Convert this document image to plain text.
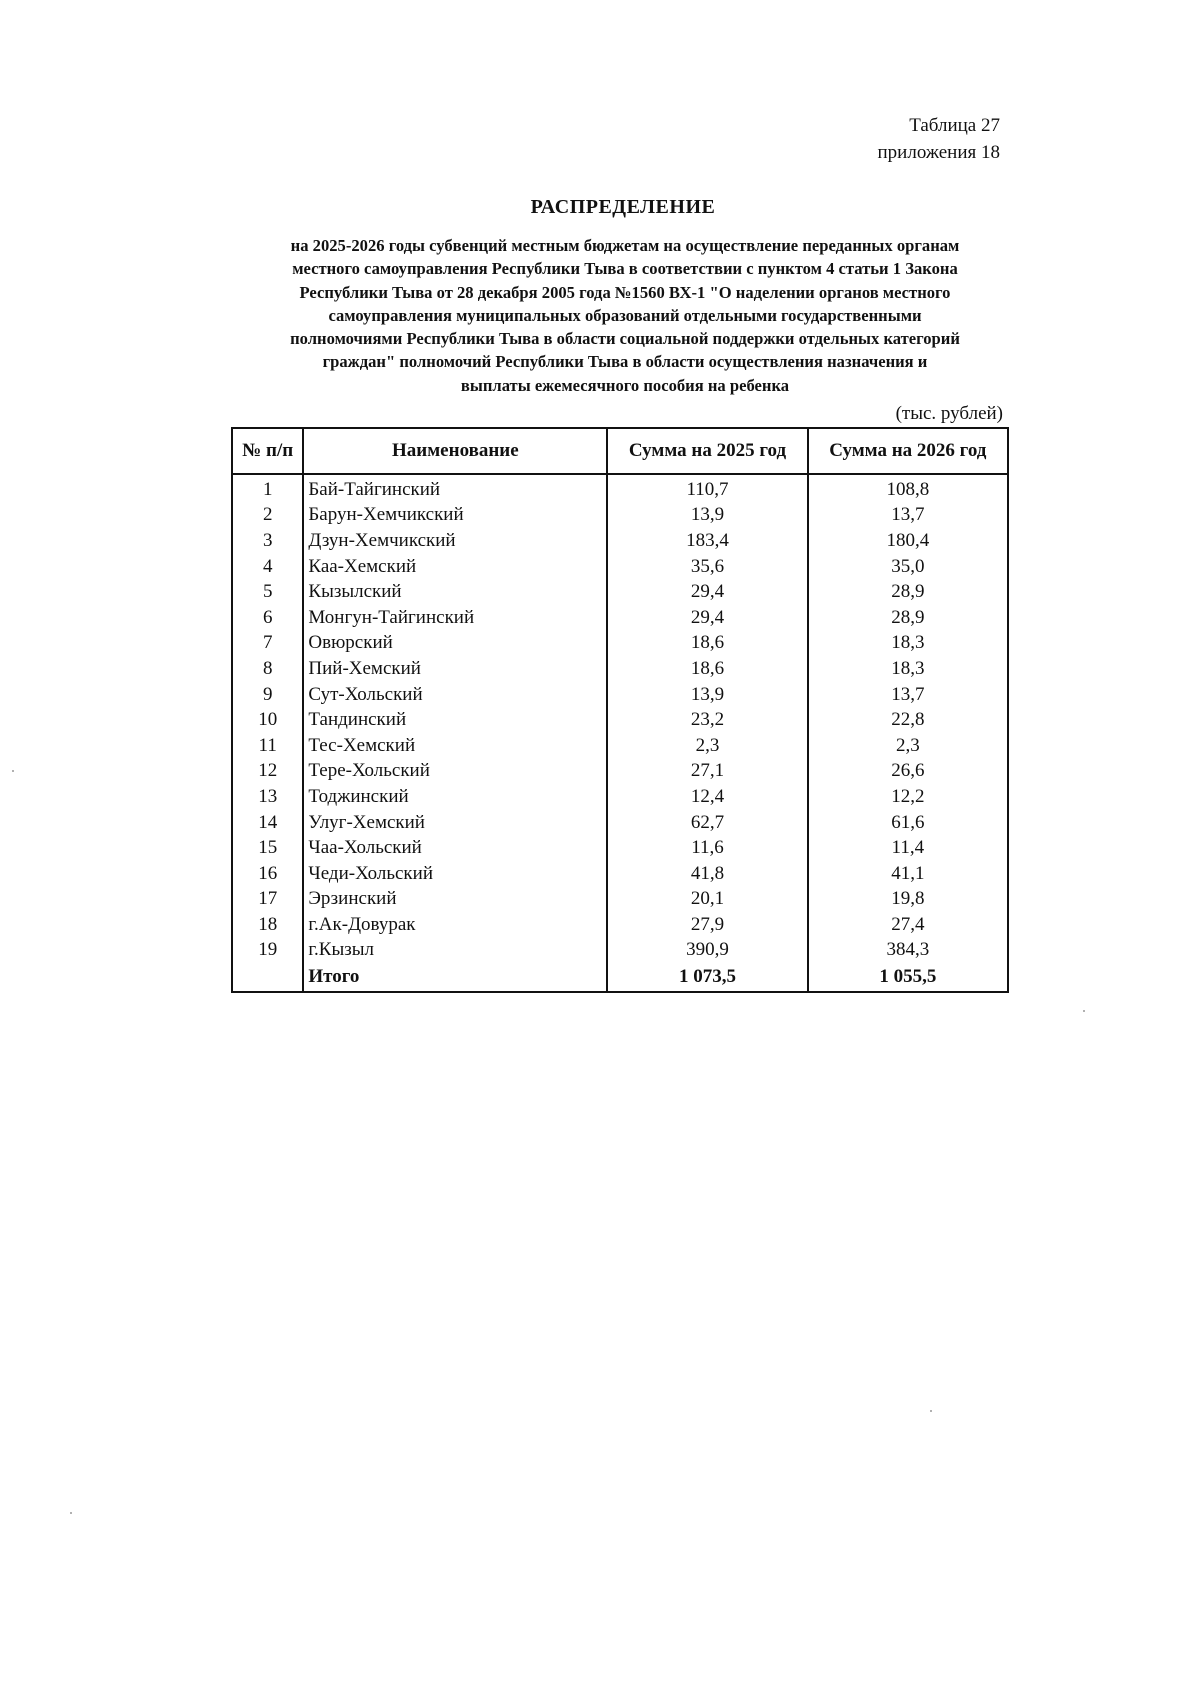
Таблица 27
приложения 18
РАСПРЕДЕЛЕНИЕ
на 2025-2026 годы субвенций местным бюджетам на осуществление переданных органам
местного самоуправления Республики Тыва в соответствии с пунктом 4 статьи 1 Закона
Республики Тыва от 28 декабря 2005 года №1560 ВХ-1 "О наделении органов местного
самоуправления муниципальных образований отдельными государственными
полномочиями Республики Тыва в области социальной поддержки отдельных категорий
граждан" полномочий Республики Тыва в области осуществления назначения и
выплаты ежемесячного пособия на ребенка
(тыс. рублей)
№ п/п	Наименование	Сумма на 2025 год	Сумма на 2026 год
1	Бай-Тайгинский	110,7	108,8
2	Барун-Хемчикский	13,9	13,7
3	Дзун-Хемчикский	183,4	180,4
4	Каа-Хемский	35,6	35,0
5	Кызылский	29,4	28,9
6	Монгун-Тайгинский	29,4	28,9
7	Овюрский	18,6	18,3
8	Пий-Хемский	18,6	18,3
9	Сут-Хольский	13,9	13,7
10	Тандинский	23,2	22,8
11	Тес-Хемский	2,3	2,3
12	Тере-Хольский	27,1	26,6
13	Тоджинский	12,4	12,2
14	Улуг-Хемский	62,7	61,6
15	Чаа-Хольский	11,6	11,4
16	Чеди-Хольский	41,8	41,1
17	Эрзинский	20,1	19,8
18	г.Ак-Довурак	27,9	27,4
19	г.Кызыл	390,9	384,3
	Итого	1 073,5	1 055,5
